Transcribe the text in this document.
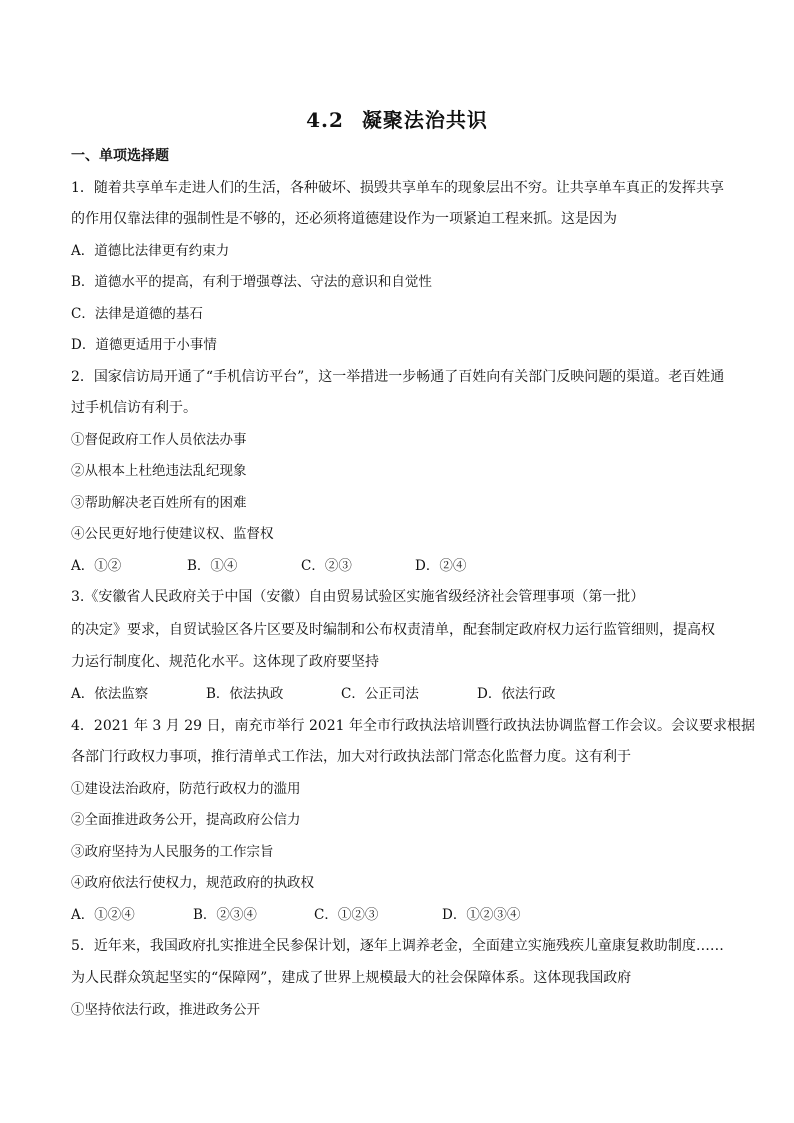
4.2 凝聚法治共识
一、单项选择题
1．随着共享单车走进人们的生活，各种破坏、损毁共享单车的现象层出不穷。让共享单车真正的发挥共享
的作用仅靠法律的强制性是不够的，还必须将道德建设作为一项紧迫工程来抓。这是因为
A．道德比法律更有约束力
B．道德水平的提高，有利于增强尊法、守法的意识和自觉性
C．法律是道德的基石
D．道德更适用于小事情
2．国家信访局开通了“手机信访平台”，这一举措进一步畅通了百姓向有关部门反映问题的渠道。老百姓通
过手机信访有利于。
①督促政府工作人员依法办事
②从根本上杜绝违法乱纪现象
③帮助解决老百姓所有的困难
④公民更好地行使建议权、监督权
A．①②	B．①④	C．②③	D．②④
3.《安徽省人民政府关于中国（安徽）自由贸易试验区实施省级经济社会管理事项（第一批）
的决定》要求，自贸试验区各片区要及时编制和公布权责清单，配套制定政府权力运行监管细则，提高权
力运行制度化、规范化水平。这体现了政府要坚持
A．依法监察	B．依法执政	C．公正司法	D．依法行政
4．2021 年 3 月 29 日，南充市举行 2021 年全市行政执法培训暨行政执法协调监督工作会议。会议要求根据
各部门行政权力事项，推行清单式工作法，加大对行政执法部门常态化监督力度。这有利于
①建设法治政府，防范行政权力的滥用
②全面推进政务公开，提高政府公信力
③政府坚持为人民服务的工作宗旨
④政府依法行使权力，规范政府的执政权
A．①②④	B．②③④	C．①②③	D．①②③④
5．近年来，我国政府扎实推进全民参保计划，逐年上调养老金，全面建立实施残疾儿童康复救助制度……
为人民群众筑起坚实的“保障网”，建成了世界上规模最大的社会保障体系。这体现我国政府
①坚持依法行政，推进政务公开
